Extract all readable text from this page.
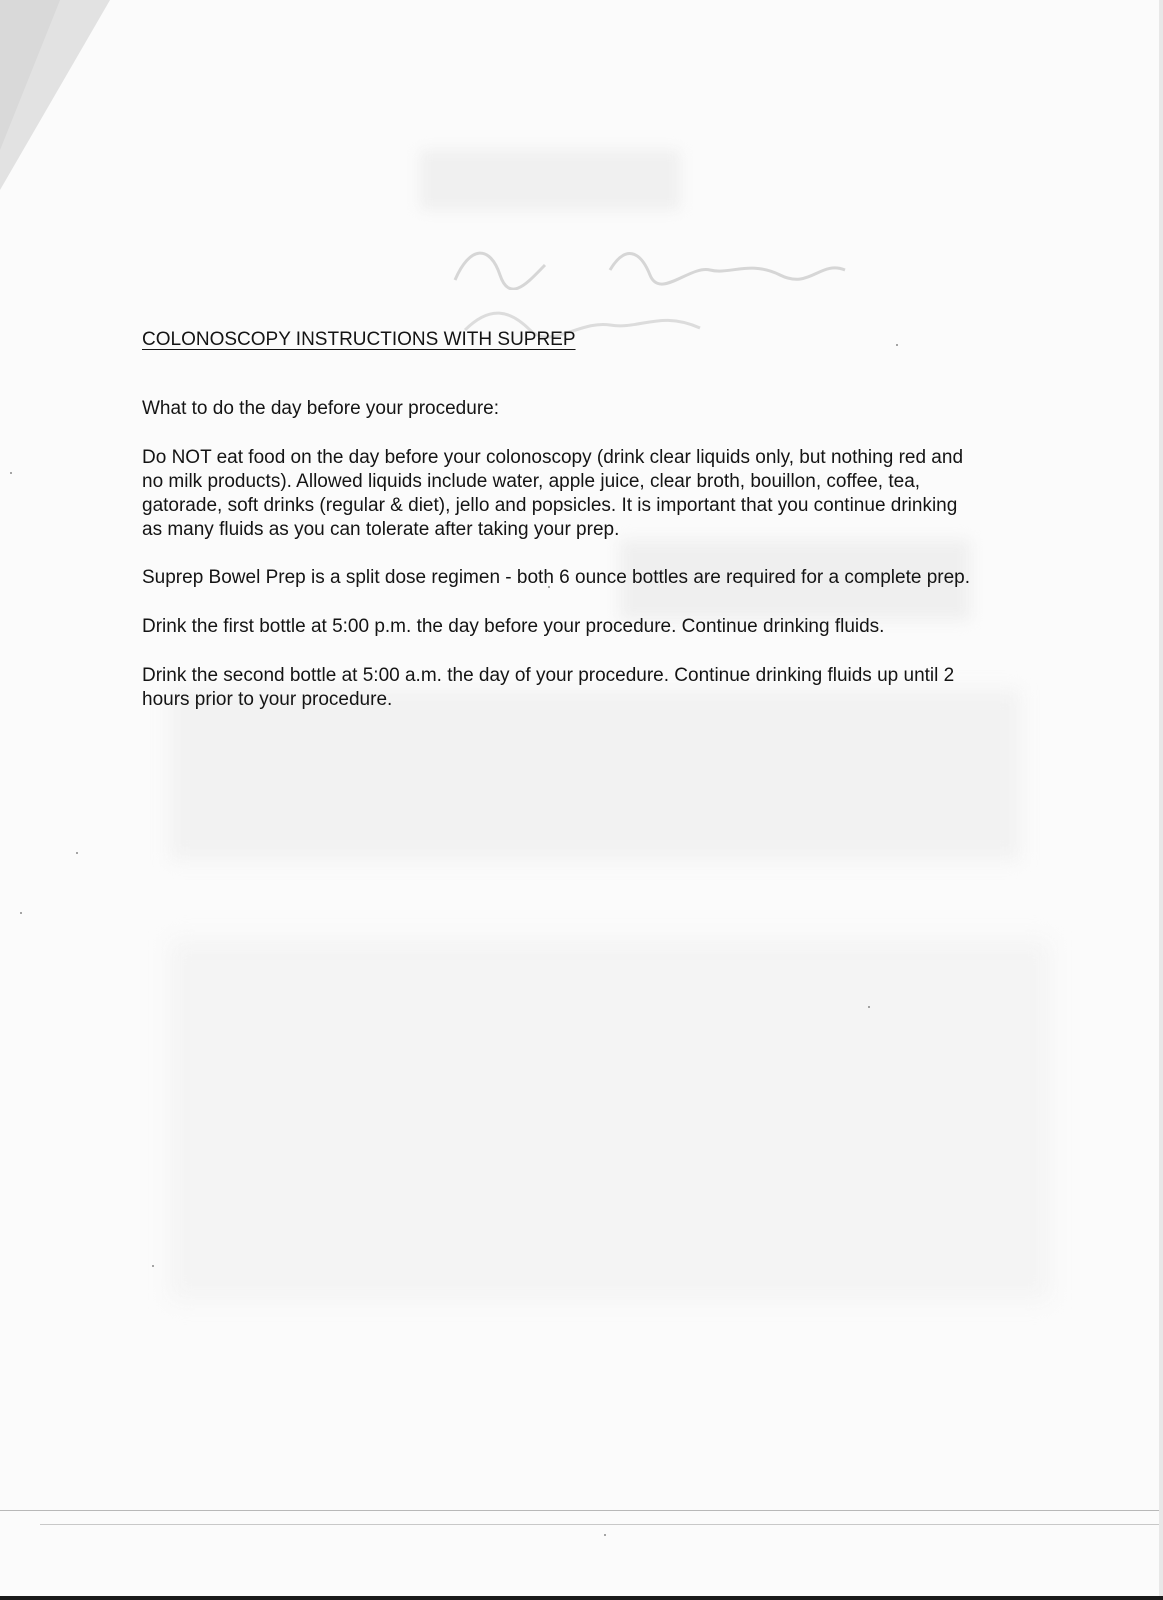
COLONOSCOPY INSTRUCTIONS WITH SUPREP

What to do the day before your procedure:

Do NOT eat food on the day before your colonoscopy (drink clear liquids only, but nothing red and no milk products). Allowed liquids include water, apple juice, clear broth, bouillon, coffee, tea, gatorade, soft drinks (regular & diet), jello and popsicles. It is important that you continue drinking as many fluids as you can tolerate after taking your prep.

Suprep Bowel Prep is a split dose regimen - both 6 ounce bottles are required for a complete prep.

Drink the first bottle at 5:00 p.m. the day before your procedure. Continue drinking fluids.

Drink the second bottle at 5:00 a.m. the day of your procedure. Continue drinking fluids up until 2 hours prior to your procedure.
